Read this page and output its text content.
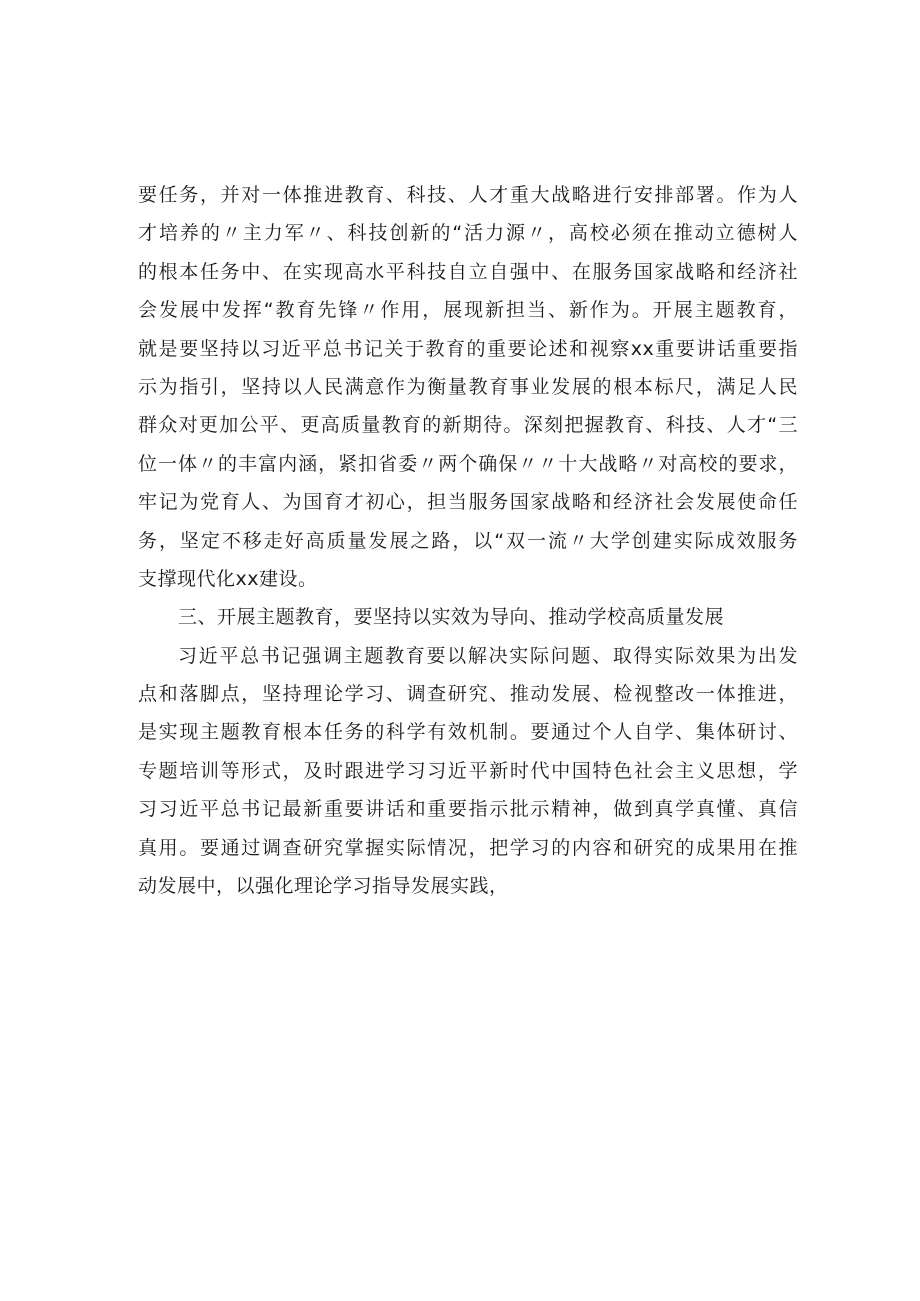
要任务，并对一体推进教育、科技、人才重大战略进行安排部署。作为人
才培养的〃主力军〃、科技创新的“活力源〃，高校必须在推动立德树人
的根本任务中、在实现高水平科技自立自强中、在服务国家战略和经济社
会发展中发挥“教育先锋〃作用，展现新担当、新作为。开展主题教育，
就是要坚持以习近平总书记关于教育的重要论述和视察xx重要讲话重要指
示为指引，坚持以人民满意作为衡量教育事业发展的根本标尺，满足人民
群众对更加公平、更高质量教育的新期待。深刻把握教育、科技、人才“三
位一体〃的丰富内涵，紧扣省委〃两个确保〃〃十大战略〃对高校的要求，
牢记为党育人、为国育才初心，担当服务国家战略和经济社会发展使命任
务，坚定不移走好高质量发展之路，以“双一流〃大学创建实际成效服务
支撑现代化xx建设。
三、开展主题教育，要坚持以实效为导向、推动学校高质量发展
习近平总书记强调主题教育要以解决实际问题、取得实际效果为出发
点和落脚点，坚持理论学习、调查研究、推动发展、检视整改一体推进，
是实现主题教育根本任务的科学有效机制。要通过个人自学、集体研讨、
专题培训等形式，及时跟进学习习近平新时代中国特色社会主义思想，学
习习近平总书记最新重要讲话和重要指示批示精神，做到真学真懂、真信
真用。要通过调查研究掌握实际情况，把学习的内容和研究的成果用在推
动发展中，以强化理论学习指导发展实践，
